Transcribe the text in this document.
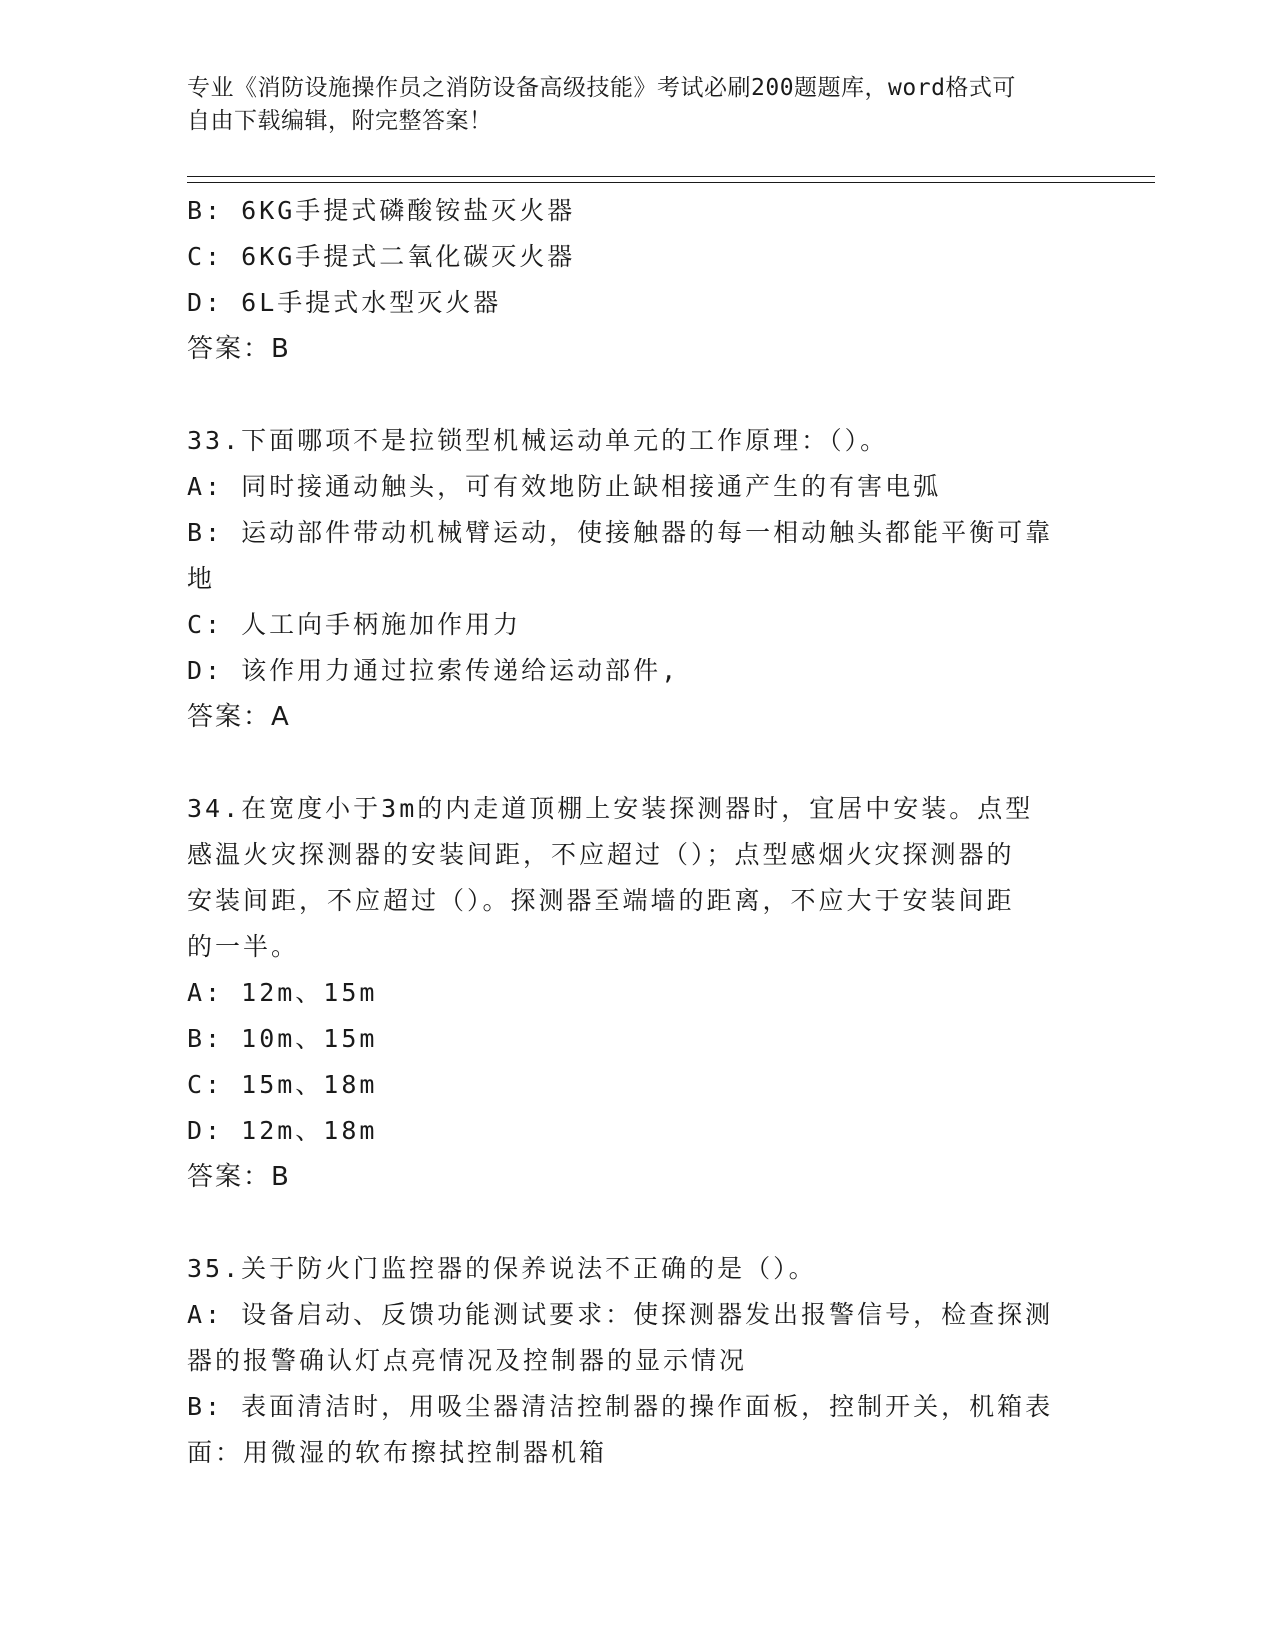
专业《消防设施操作员之消防设备高级技能》考试必刷200题题库，word格式可
自由下载编辑，附完整答案！
B: 6KG手提式磷酸铵盐灭火器
C: 6KG手提式二氧化碳灭火器
D: 6L手提式水型灭火器
答案：B
33.下面哪项不是拉锁型机械运动单元的工作原理：（）。
A: 同时接通动触头，可有效地防止缺相接通产生的有害电弧
B: 运动部件带动机械臂运动，使接触器的每一相动触头都能平衡可靠
地
C: 人工向手柄施加作用力
D: 该作用力通过拉索传递给运动部件,
答案：A
34.在宽度小于3m的内走道顶棚上安装探测器时，宜居中安装。点型
感温火灾探测器的安装间距，不应超过（）；点型感烟火灾探测器的
安装间距，不应超过（）。探测器至端墙的距离，不应大于安装间距
的一半。
A: 12m、15m
B: 10m、15m
C: 15m、18m
D: 12m、18m
答案：B
35.关于防火门监控器的保养说法不正确的是（）。
A: 设备启动、反馈功能测试要求：使探测器发出报警信号，检查探测
器的报警确认灯点亮情况及控制器的显示情况
B: 表面清洁时，用吸尘器清洁控制器的操作面板，控制开关，机箱表
面：用微湿的软布擦拭控制器机箱
